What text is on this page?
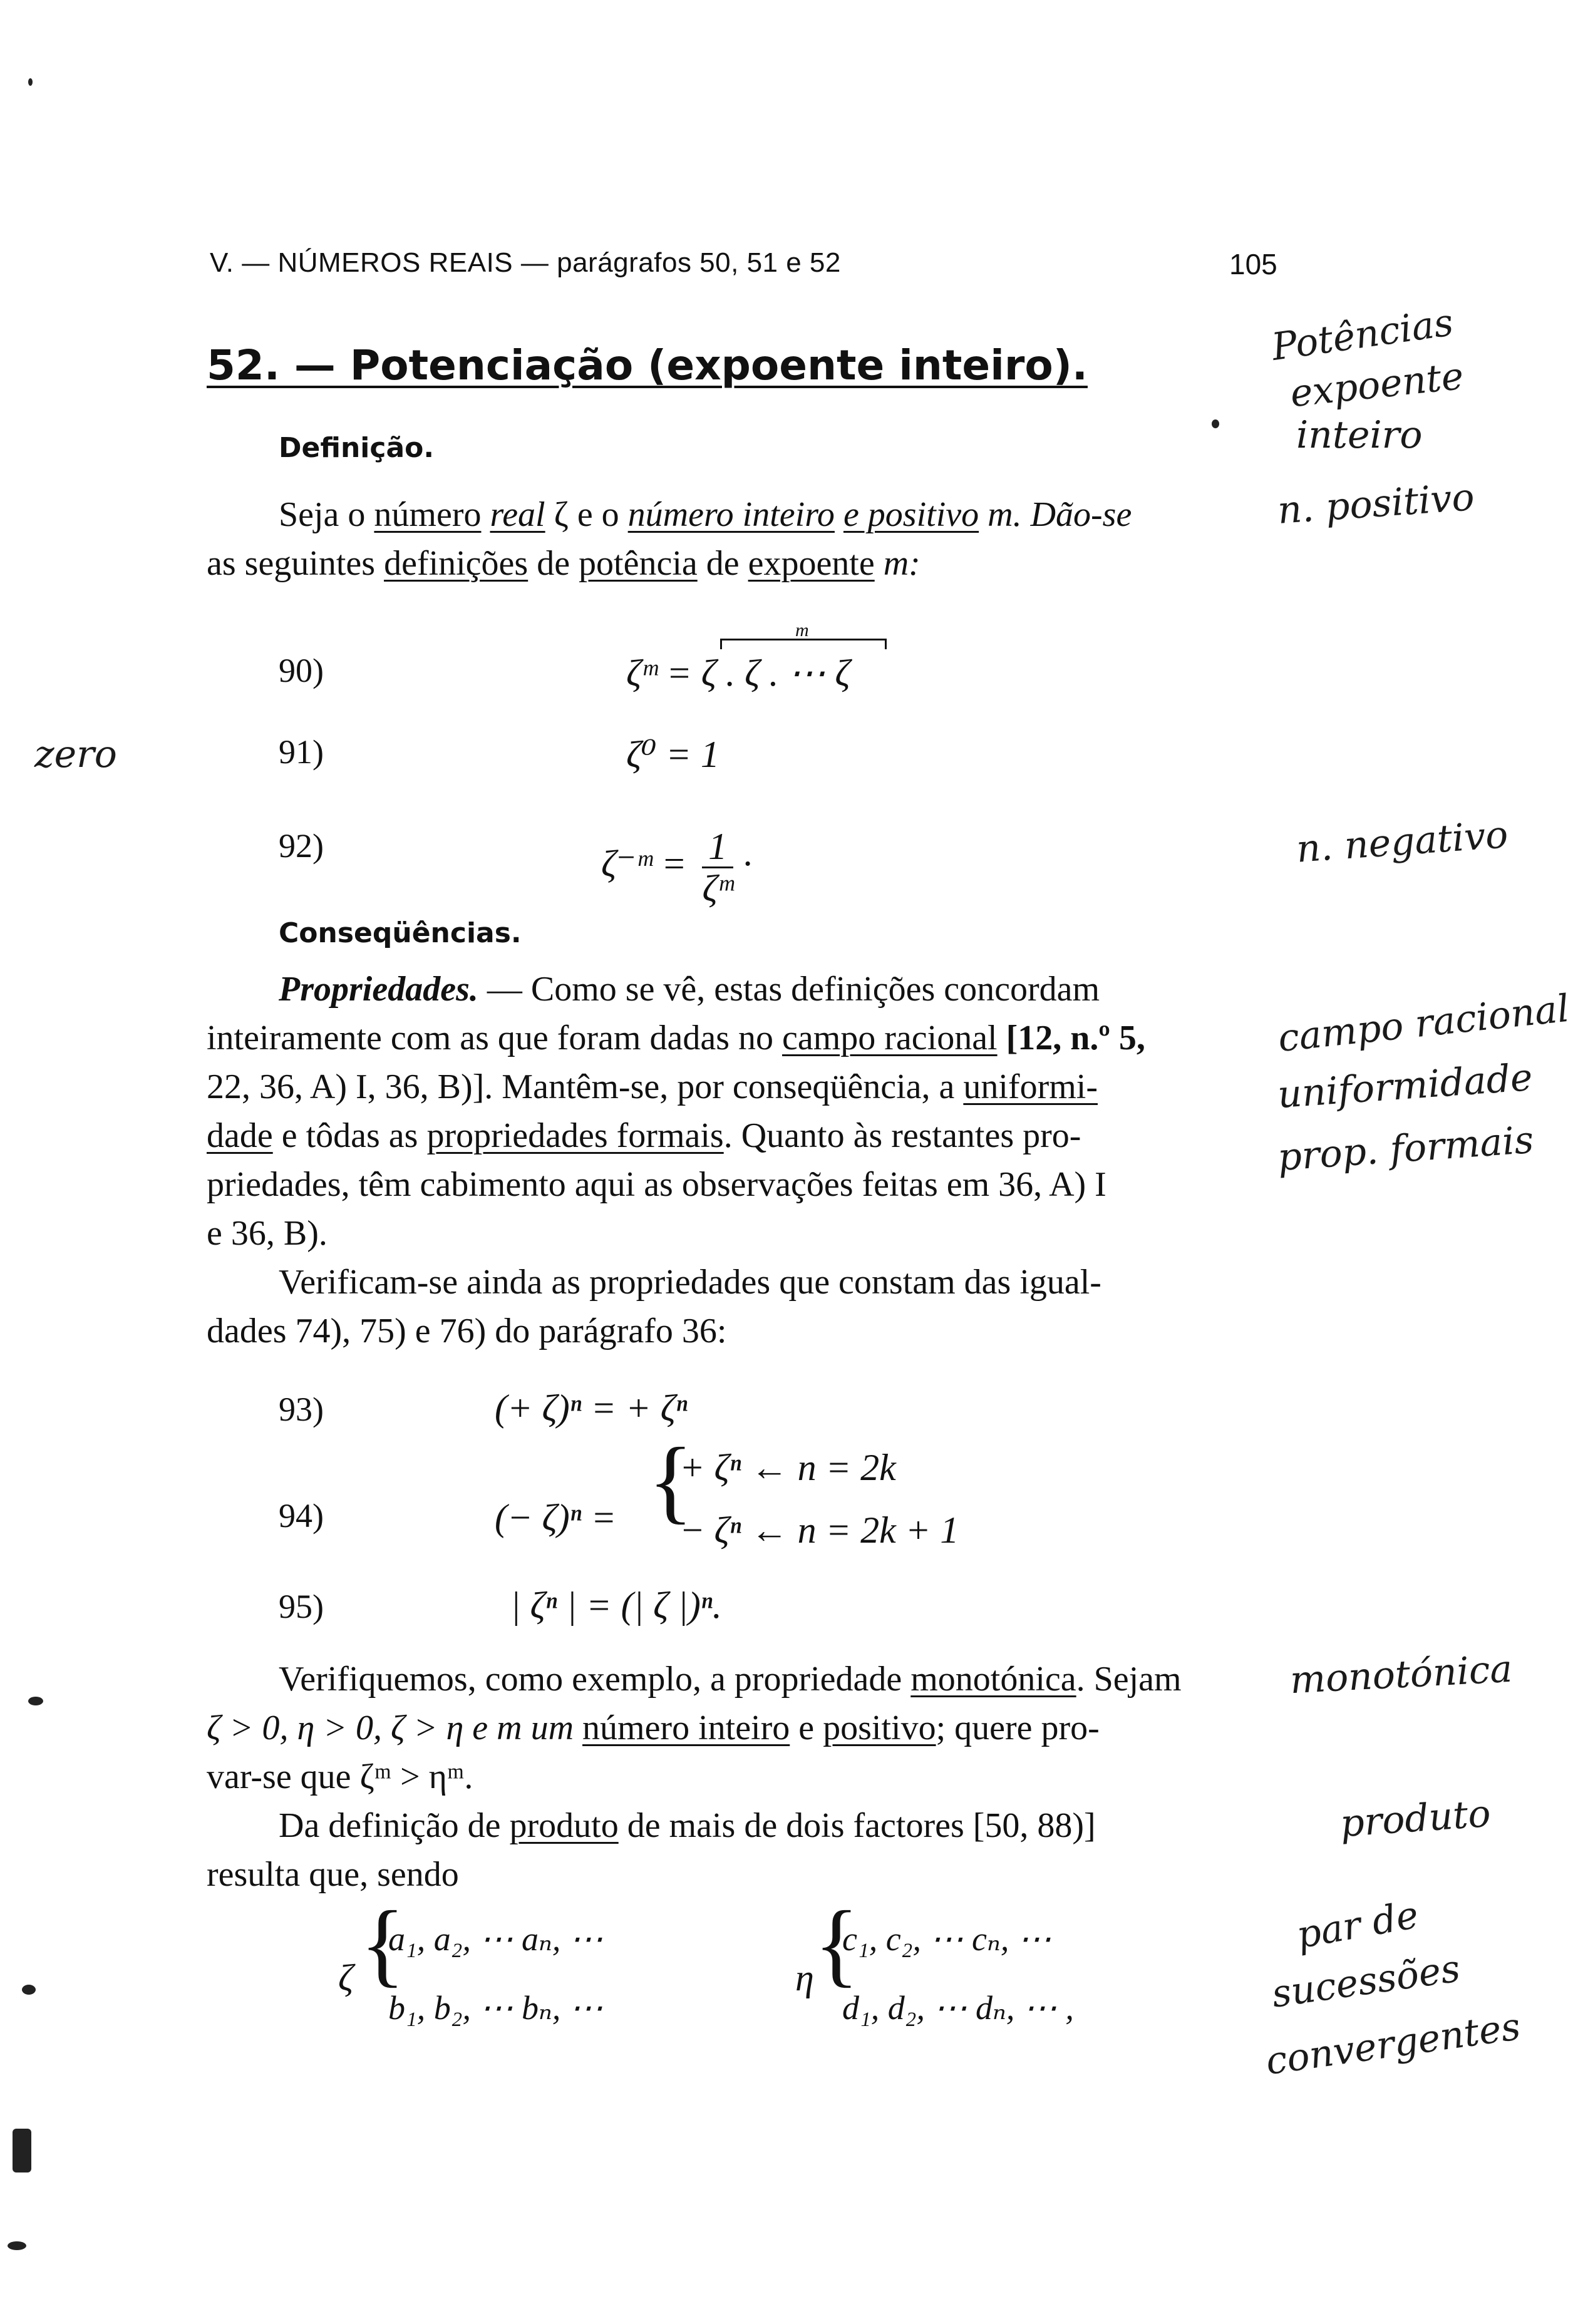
V. — NÚMEROS REAIS — parágrafos 50, 51 e 52	105
52. — Potenciação (expoente inteiro).
Definição.
Seja o número real ζ e o número inteiro e positivo m. Dão-se
as seguintes definições de potência de expoente m:
90)	ζᵐ = ζ . ζ . ⋯ ζ
m
91)	ζ⁰ = 1
92)	ζ⁻ᵐ = $\frac{1}{\text{ζᵐ}}$ ·
Conseqüências.
Propriedades. — Como se vê, estas definições concordam
inteiramente com as que foram dadas no campo racional [12, n.º 5,
22, 36, A) I, 36, B)]. Mantêm-se, por conseqüência, a uniformi-
dade e tôdas as propriedades formais. Quanto às restantes pro-
priedades, têm cabimento aqui as observações feitas em 36, A) I
e 36, B).
Verificam-se ainda as propriedades que constam das igual-
dades 74), 75) e 76) do parágrafo 36:
93)	(+ ζ)ⁿ = + ζⁿ
94)	(− ζ)ⁿ = {
+ ζⁿ ← n = 2k
− ζⁿ ← n = 2k + 1
95)	| ζⁿ | = (| ζ |)ⁿ.
Verifiquemos, como exemplo, a propriedade monotónica. Sejam
ζ > 0, η > 0, ζ > η e m um número inteiro e positivo; quere pro-
var-se que ζᵐ > ηᵐ.
Da definição de produto de mais de dois factores [50, 88)]
resulta que, sendo
ζ {
a₁, a₂, ⋯ aₙ, ⋯
b₁, b₂, ⋯ bₙ, ⋯
η {
c₁, c₂, ⋯ cₙ, ⋯
d₁, d₂, ⋯ dₙ, ⋯ ,
Potências
expoente
inteiro
n. positivo
zero
n. negativo
campo racional
uniformidade
prop. formais
monotónica
produto
par de
sucessões
convergentes
